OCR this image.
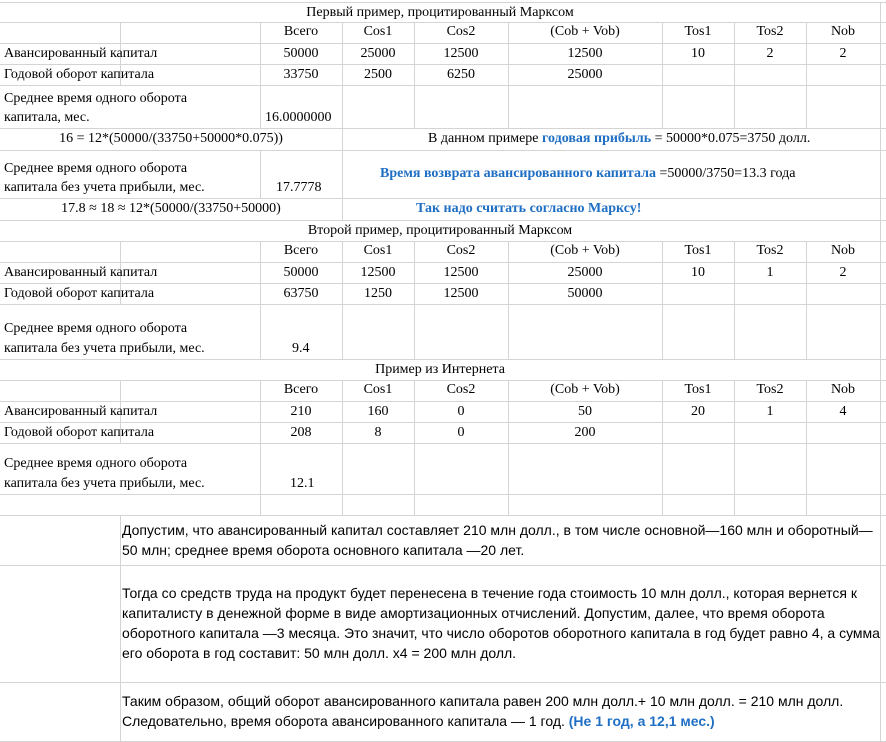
Первый пример, процитированный Марксом
Всего	Cos1	Cos2	(Cob + Vob)	Tos1	Tos2	Nob
Авансированный капитал	50000	25000	12500	12500	10	2	2
Годовой оборот капитала	33750	2500	6250	25000
Среднее время одного оборота
капитала, мес.	16.0000000
16 = 12*(50000/(33750+50000*0.075))	В данном примере годовая прибыль = 50000*0.075=3750 долл.
Среднее время одного оборота
капитала без учета прибыли, мес.	17.7778
Время возврата авансированного капитала =50000/3750=13.3 года
17.8 ≈ 18 ≈ 12*(50000/(33750+50000)	Так надо считать согласно Марксу!
Второй пример, процитированный Марксом
Всего	Cos1	Cos2	(Cob + Vob)	Tos1	Tos2	Nob
Авансированный капитал	50000	12500	12500	25000	10	1	2
Годовой оборот капитала	63750	1250	12500	50000
Среднее время одного оборота
капитала без учета прибыли, мес.	9.4
Пример из Интернета
Всего	Cos1	Cos2	(Cob + Vob)	Tos1	Tos2	Nob
Авансированный капитал	210	160	0	50	20	1	4
Годовой оборот капитала	208	8	0	200
Среднее время одного оборота
капитала без учета прибыли, мес.	12.1
Допустим, что авансированный капитал составляет 210 млн долл., в том числе основной—160 млн и оборотный—50 млн; среднее время оборота основного капитала —20 лет.
Тогда со средств труда на продукт будет перенесена в течение года стоимость 10 млн долл., которая вернется к капиталисту в денежной форме в виде амортизационных отчислений. Допустим, далее, что время оборота оборотного капитала —3 месяца. Это значит, что число оборотов оборотного капитала в год будет равно 4, а сумма его оборота в год составит: 50 млн долл. х4 = 200 млн долл.
Таким образом, общий оборот авансированного капитала равен 200 млн долл.+ 10 млн долл. = 210 млн долл. Следовательно, время оборота авансированного капитала — 1 год. (Не 1 год, а 12,1 мес.)
